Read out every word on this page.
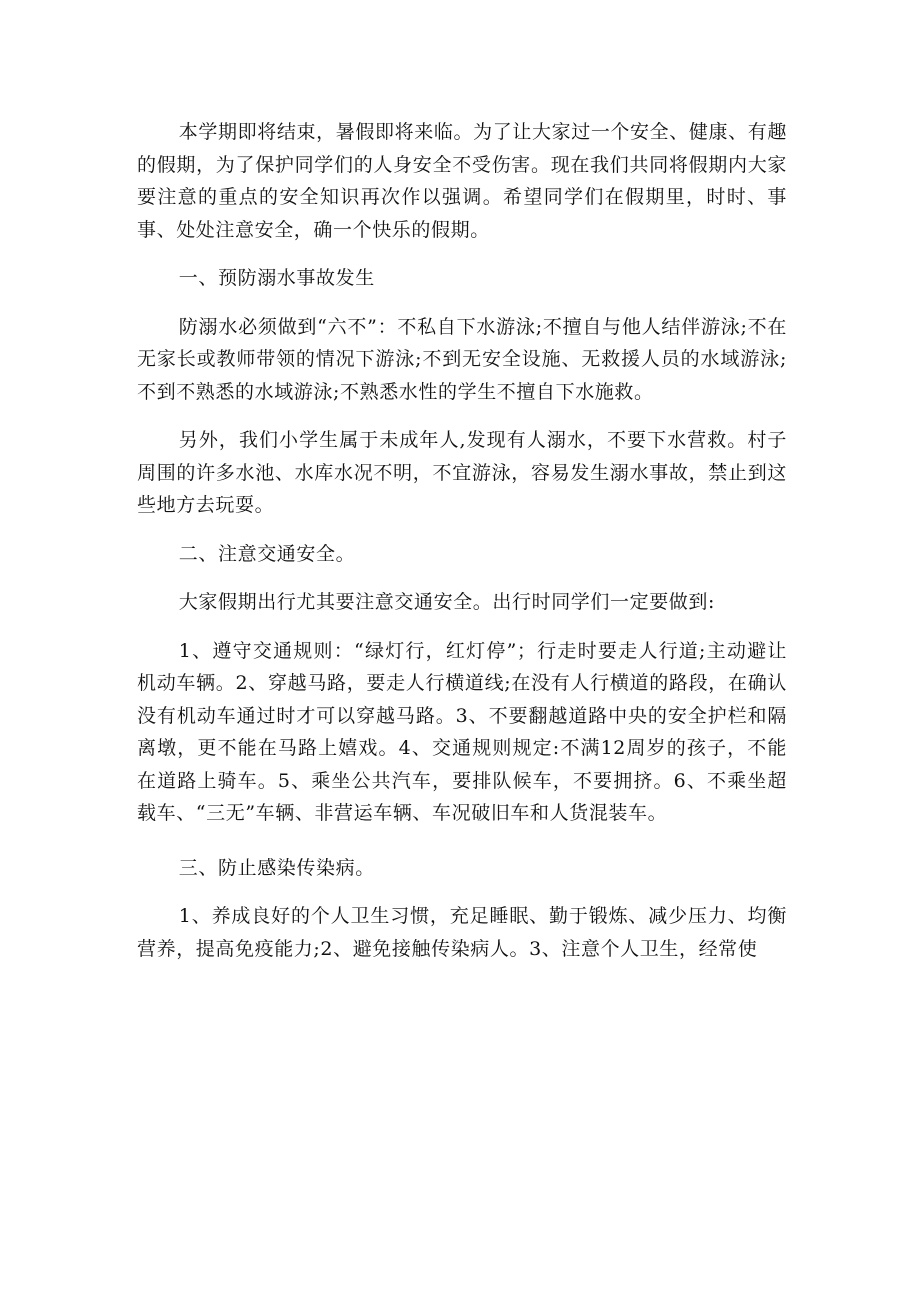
本学期即将结束，暑假即将来临。为了让大家过一个安全、健康、有趣的假期，为了保护同学们的人身安全不受伤害。现在我们共同将假期内大家要注意的重点的安全知识再次作以强调。希望同学们在假期里，时时、事事、处处注意安全，确一个快乐的假期。

一、预防溺水事故发生

防溺水必须做到“六不”：不私自下水游泳;不擅自与他人结伴游泳;不在无家长或教师带领的情况下游泳;不到无安全设施、无救援人员的水域游泳;不到不熟悉的水域游泳;不熟悉水性的学生不擅自下水施救。

另外，我们小学生属于未成年人,发现有人溺水，不要下水营救。村子周围的许多水池、水库水况不明，不宜游泳，容易发生溺水事故，禁止到这些地方去玩耍。

二、注意交通安全。

大家假期出行尤其要注意交通安全。出行时同学们一定要做到:

1、遵守交通规则：“绿灯行，红灯停”；行走时要走人行道;主动避让机动车辆。2、穿越马路，要走人行横道线;在没有人行横道的路段，在确认没有机动车通过时才可以穿越马路。3、不要翻越道路中央的安全护栏和隔离墩，更不能在马路上嬉戏。4、交通规则规定:不满12周岁的孩子，不能在道路上骑车。5、乘坐公共汽车，要排队候车，不要拥挤。6、不乘坐超载车、“三无”车辆、非营运车辆、车况破旧车和人货混装车。

三、防止感染传染病。

1、养成良好的个人卫生习惯，充足睡眠、勤于锻炼、减少压力、均衡营养，提高免疫能力;2、避免接触传染病人。3、注意个人卫生，经常使
